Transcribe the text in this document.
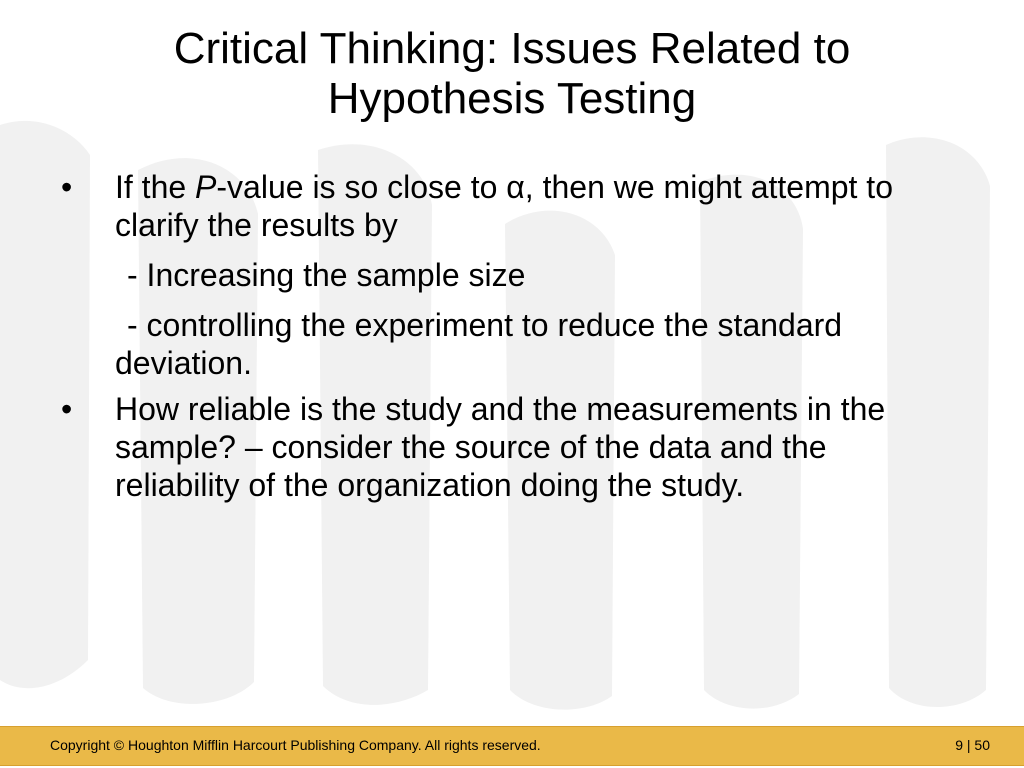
Critical Thinking: Issues Related to Hypothesis Testing
• If the P-value is so close to α, then we might attempt to clarify the results by
- Increasing the sample size
- controlling the experiment to reduce the standard deviation.
• How reliable is the study and the measurements in the sample? – consider the source of the data and the reliability of the organization doing the study.
Copyright © Houghton Mifflin Harcourt Publishing Company. All rights reserved.	9 | 50
